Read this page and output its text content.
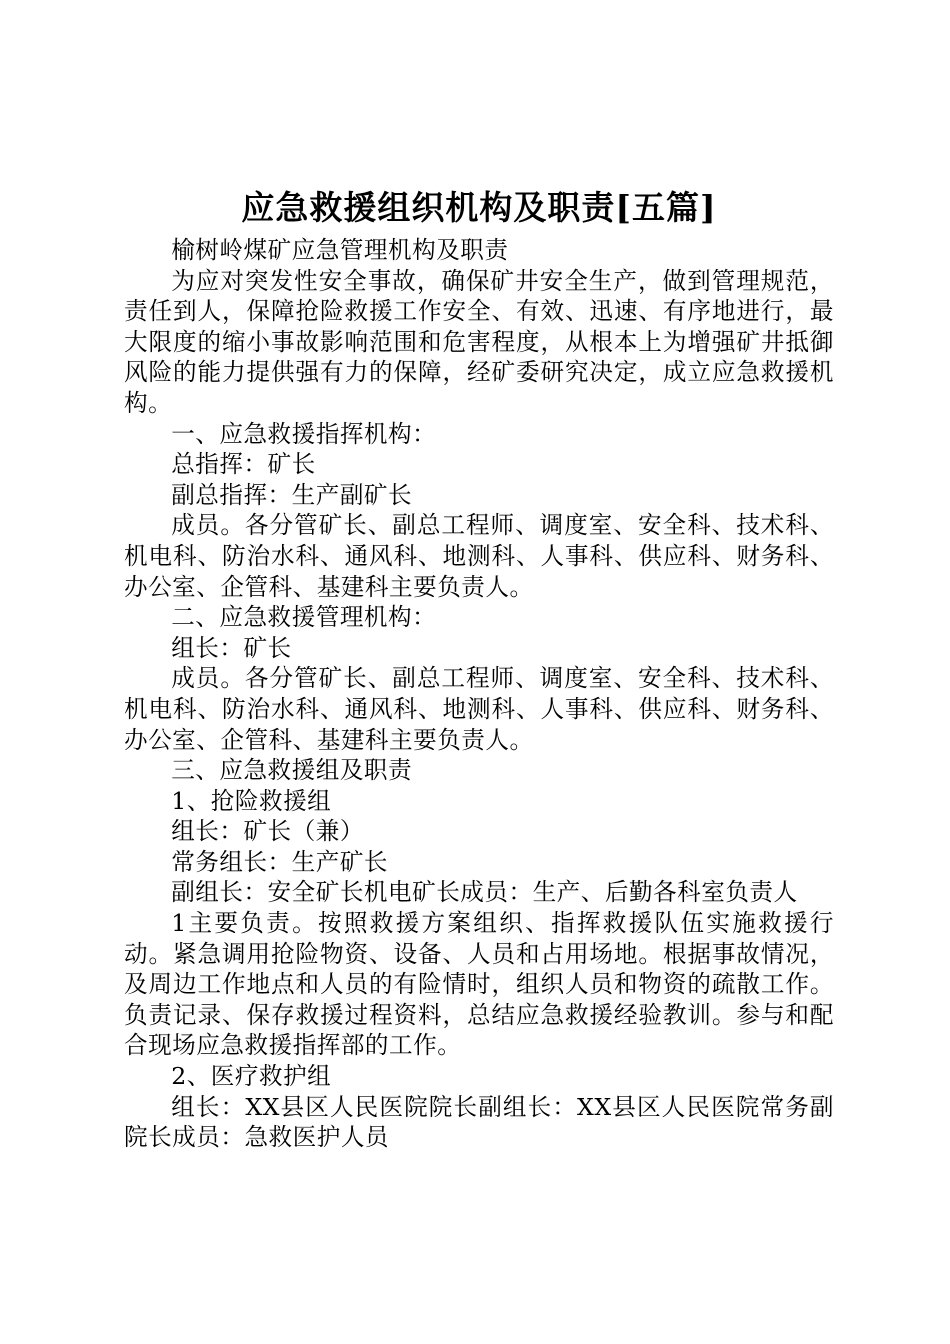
应急救援组织机构及职责[五篇]

榆树岭煤矿应急管理机构及职责

为应对突发性安全事故，确保矿井安全生产，做到管理规范，责任到人，保障抢险救援工作安全、有效、迅速、有序地进行，最大限度的缩小事故影响范围和危害程度，从根本上为增强矿井抵御风险的能力提供强有力的保障，经矿委研究决定，成立应急救援机构。

一、应急救援指挥机构：

总指挥：矿长

副总指挥：生产副矿长

成员。各分管矿长、副总工程师、调度室、安全科、技术科、机电科、防治水科、通风科、地测科、人事科、供应科、财务科、办公室、企管科、基建科主要负责人。

二、应急救援管理机构：

组长：矿长

成员。各分管矿长、副总工程师、调度室、安全科、技术科、机电科、防治水科、通风科、地测科、人事科、供应科、财务科、办公室、企管科、基建科主要负责人。

三、应急救援组及职责

1、抢险救援组

组长：矿长（兼）

常务组长：生产矿长

副组长：安全矿长机电矿长成员：生产、后勤各科室负责人

1主要负责。按照救援方案组织、指挥救援队伍实施救援行动。紧急调用抢险物资、设备、人员和占用场地。根据事故情况，及周边工作地点和人员的有险情时，组织人员和物资的疏散工作。负责记录、保存救援过程资料，总结应急救援经验教训。参与和配合现场应急救援指挥部的工作。

2、医疗救护组

组长：XX县区人民医院院长副组长：XX县区人民医院常务副院长成员：急救医护人员
